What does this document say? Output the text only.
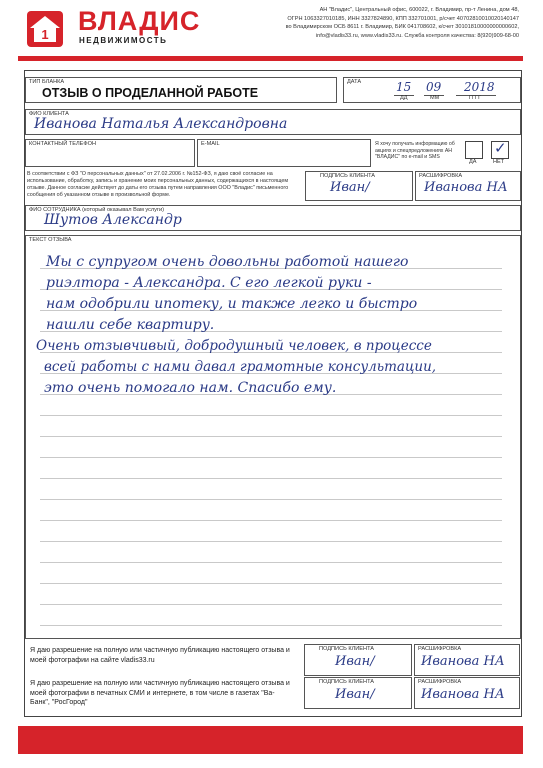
1 ВЛАДИС
НЕДВИЖИМОСТЬ
АН "Владис", Центральный офис, 600022, г. Владимир, пр-т Ленина, дом 48,
ОГРН 1063327010185, ИНН 3327824890, КПП 332701001, р/счет 40702810010020140147
во Владимирском ОСБ 8611 г. Владимир, БИК 041708602, к/счет 30101810000000000602,
info@vladis33.ru, www.vladis33.ru. Служба контроля качества: 8(920)909-68-00
ТИП БЛАНКА
ОТЗЫВ О ПРОДЕЛАННОЙ РАБОТЕ
ДАТА	15 09 2018
ДД	ММ	ГГГГ
ФИО КЛИЕНТА
Иванова Наталья Александровна
КОНТАКТНЫЙ ТЕЛЕФОН	E-MAIL	Я хочу получать информацию об акциях и спецпредложениях АН "ВЛАДИС" по e-mail и SMS	✓
ДА	НЕТ
В соответствии с ФЗ "О персональных данных" от 27.02.2006 г. №152-ФЗ, я даю своё согласие на использование, обработку, запись и хранение моих персональных данных, содержащихся в настоящем отзыве. Данное согласие действует до даты его отзыва путем направления ООО "Владис" письменного сообщения об указанном отзыве в произвольной форме.
ПОДПИСЬ КЛИЕНТА
Иван/
РАСШИФРОВКА
Иванова НА
ФИО СОТРУДНИКА (который оказывал Вам услуги)
Шутов Александр
ТЕКСТ ОТЗЫВА
Мы с супругом очень довольны работой нашего
риэлтора - Александра. С его легкой руки -
нам одобрили ипотеку, и также легко и быстро
нашли себе квартиру.
Очень отзывчивый, добродушный человек, в процессе
всей работы с нами давал грамотные консультации,
это очень помогало нам. Спасибо ему.
Я даю разрешение на полную или частичную публикацию настоящего отзыва и моей фотографии на сайте vladis33.ru
ПОДПИСЬ КЛИЕНТА
Иван/
РАСШИФРОВКА
Иванова НА
Я даю разрешение на полную или частичную публикацию настоящего отзыва и моей фотографии в печатных СМИ и интернете, в том числе в газетах "Ва-Банк", "РосГород"
ПОДПИСЬ КЛИЕНТА
Иван/
РАСШИФРОВКА
Иванова НА
